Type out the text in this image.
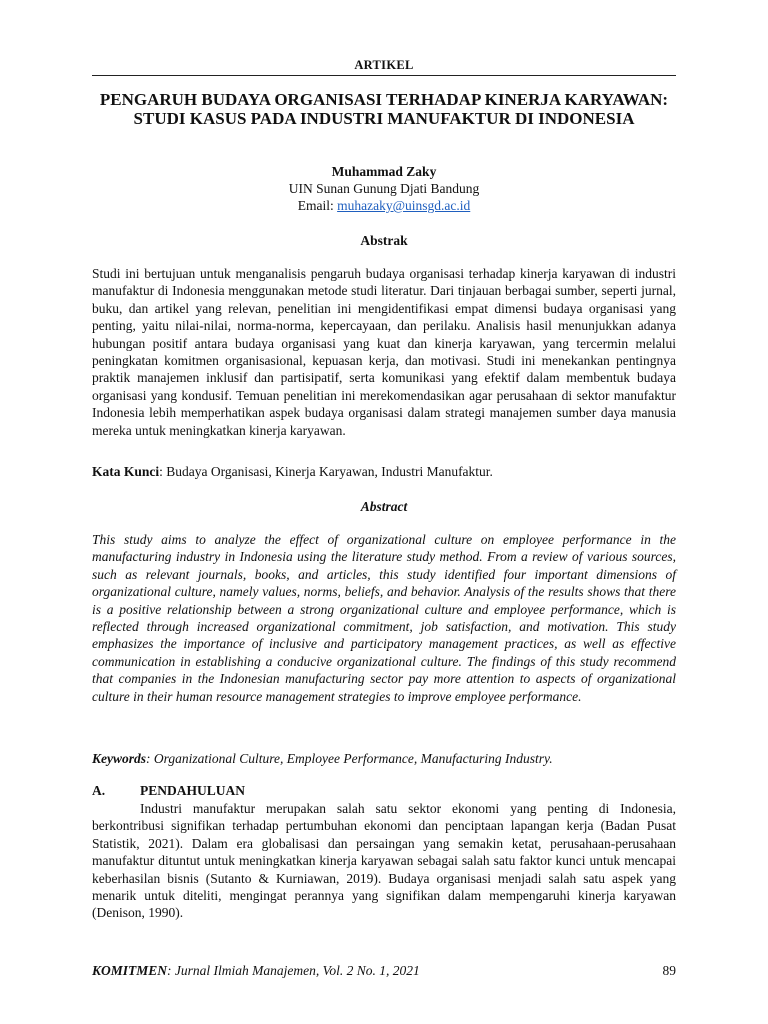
ARTIKEL
PENGARUH BUDAYA ORGANISASI TERHADAP KINERJA KARYAWAN: STUDI KASUS PADA INDUSTRI MANUFAKTUR DI INDONESIA
Muhammad Zaky
UIN Sunan Gunung Djati Bandung
Email: muhazaky@uinsgd.ac.id
Abstrak

Studi ini bertujuan untuk menganalisis pengaruh budaya organisasi terhadap kinerja karyawan di industri manufaktur di Indonesia menggunakan metode studi literatur. Dari tinjauan berbagai sumber, seperti jurnal, buku, dan artikel yang relevan, penelitian ini mengidentifikasi empat dimensi budaya organisasi yang penting, yaitu nilai-nilai, norma-norma, kepercayaan, dan perilaku. Analisis hasil menunjukkan adanya hubungan positif antara budaya organisasi yang kuat dan kinerja karyawan, yang tercermin melalui peningkatan komitmen organisasional, kepuasan kerja, dan motivasi. Studi ini menekankan pentingnya praktik manajemen inklusif dan partisipatif, serta komunikasi yang efektif dalam membentuk budaya organisasi yang kondusif. Temuan penelitian ini merekomendasikan agar perusahaan di sektor manufaktur Indonesia lebih memperhatikan aspek budaya organisasi dalam strategi manajemen sumber daya manusia mereka untuk meningkatkan kinerja karyawan.

Kata Kunci: Budaya Organisasi, Kinerja Karyawan, Industri Manufaktur.

Abstract

This study aims to analyze the effect of organizational culture on employee performance in the manufacturing industry in Indonesia using the literature study method. From a review of various sources, such as relevant journals, books, and articles, this study identified four important dimensions of organizational culture, namely values, norms, beliefs, and behavior. Analysis of the results shows that there is a positive relationship between a strong organizational culture and employee performance, which is reflected through increased organizational commitment, job satisfaction, and motivation. This study emphasizes the importance of inclusive and participatory management practices, as well as effective communication in establishing a conducive organizational culture. The findings of this study recommend that companies in the Indonesian manufacturing sector pay more attention to aspects of organizational culture in their human resource management strategies to improve employee performance.

Keywords: Organizational Culture, Employee Performance, Manufacturing Industry.

A.	PENDAHULUAN

Industri manufaktur merupakan salah satu sektor ekonomi yang penting di Indonesia, berkontribusi signifikan terhadap pertumbuhan ekonomi dan penciptaan lapangan kerja (Badan Pusat Statistik, 2021). Dalam era globalisasi dan persaingan yang semakin ketat, perusahaan-perusahaan manufaktur dituntut untuk meningkatkan kinerja karyawan sebagai salah satu faktor kunci untuk mencapai keberhasilan bisnis (Sutanto & Kurniawan, 2019). Budaya organisasi menjadi salah satu aspek yang menarik untuk diteliti, mengingat perannya yang signifikan dalam mempengaruhi kinerja karyawan (Denison, 1990).

KOMITMEN: Jurnal Ilmiah Manajemen, Vol. 2 No. 1, 2021	89
